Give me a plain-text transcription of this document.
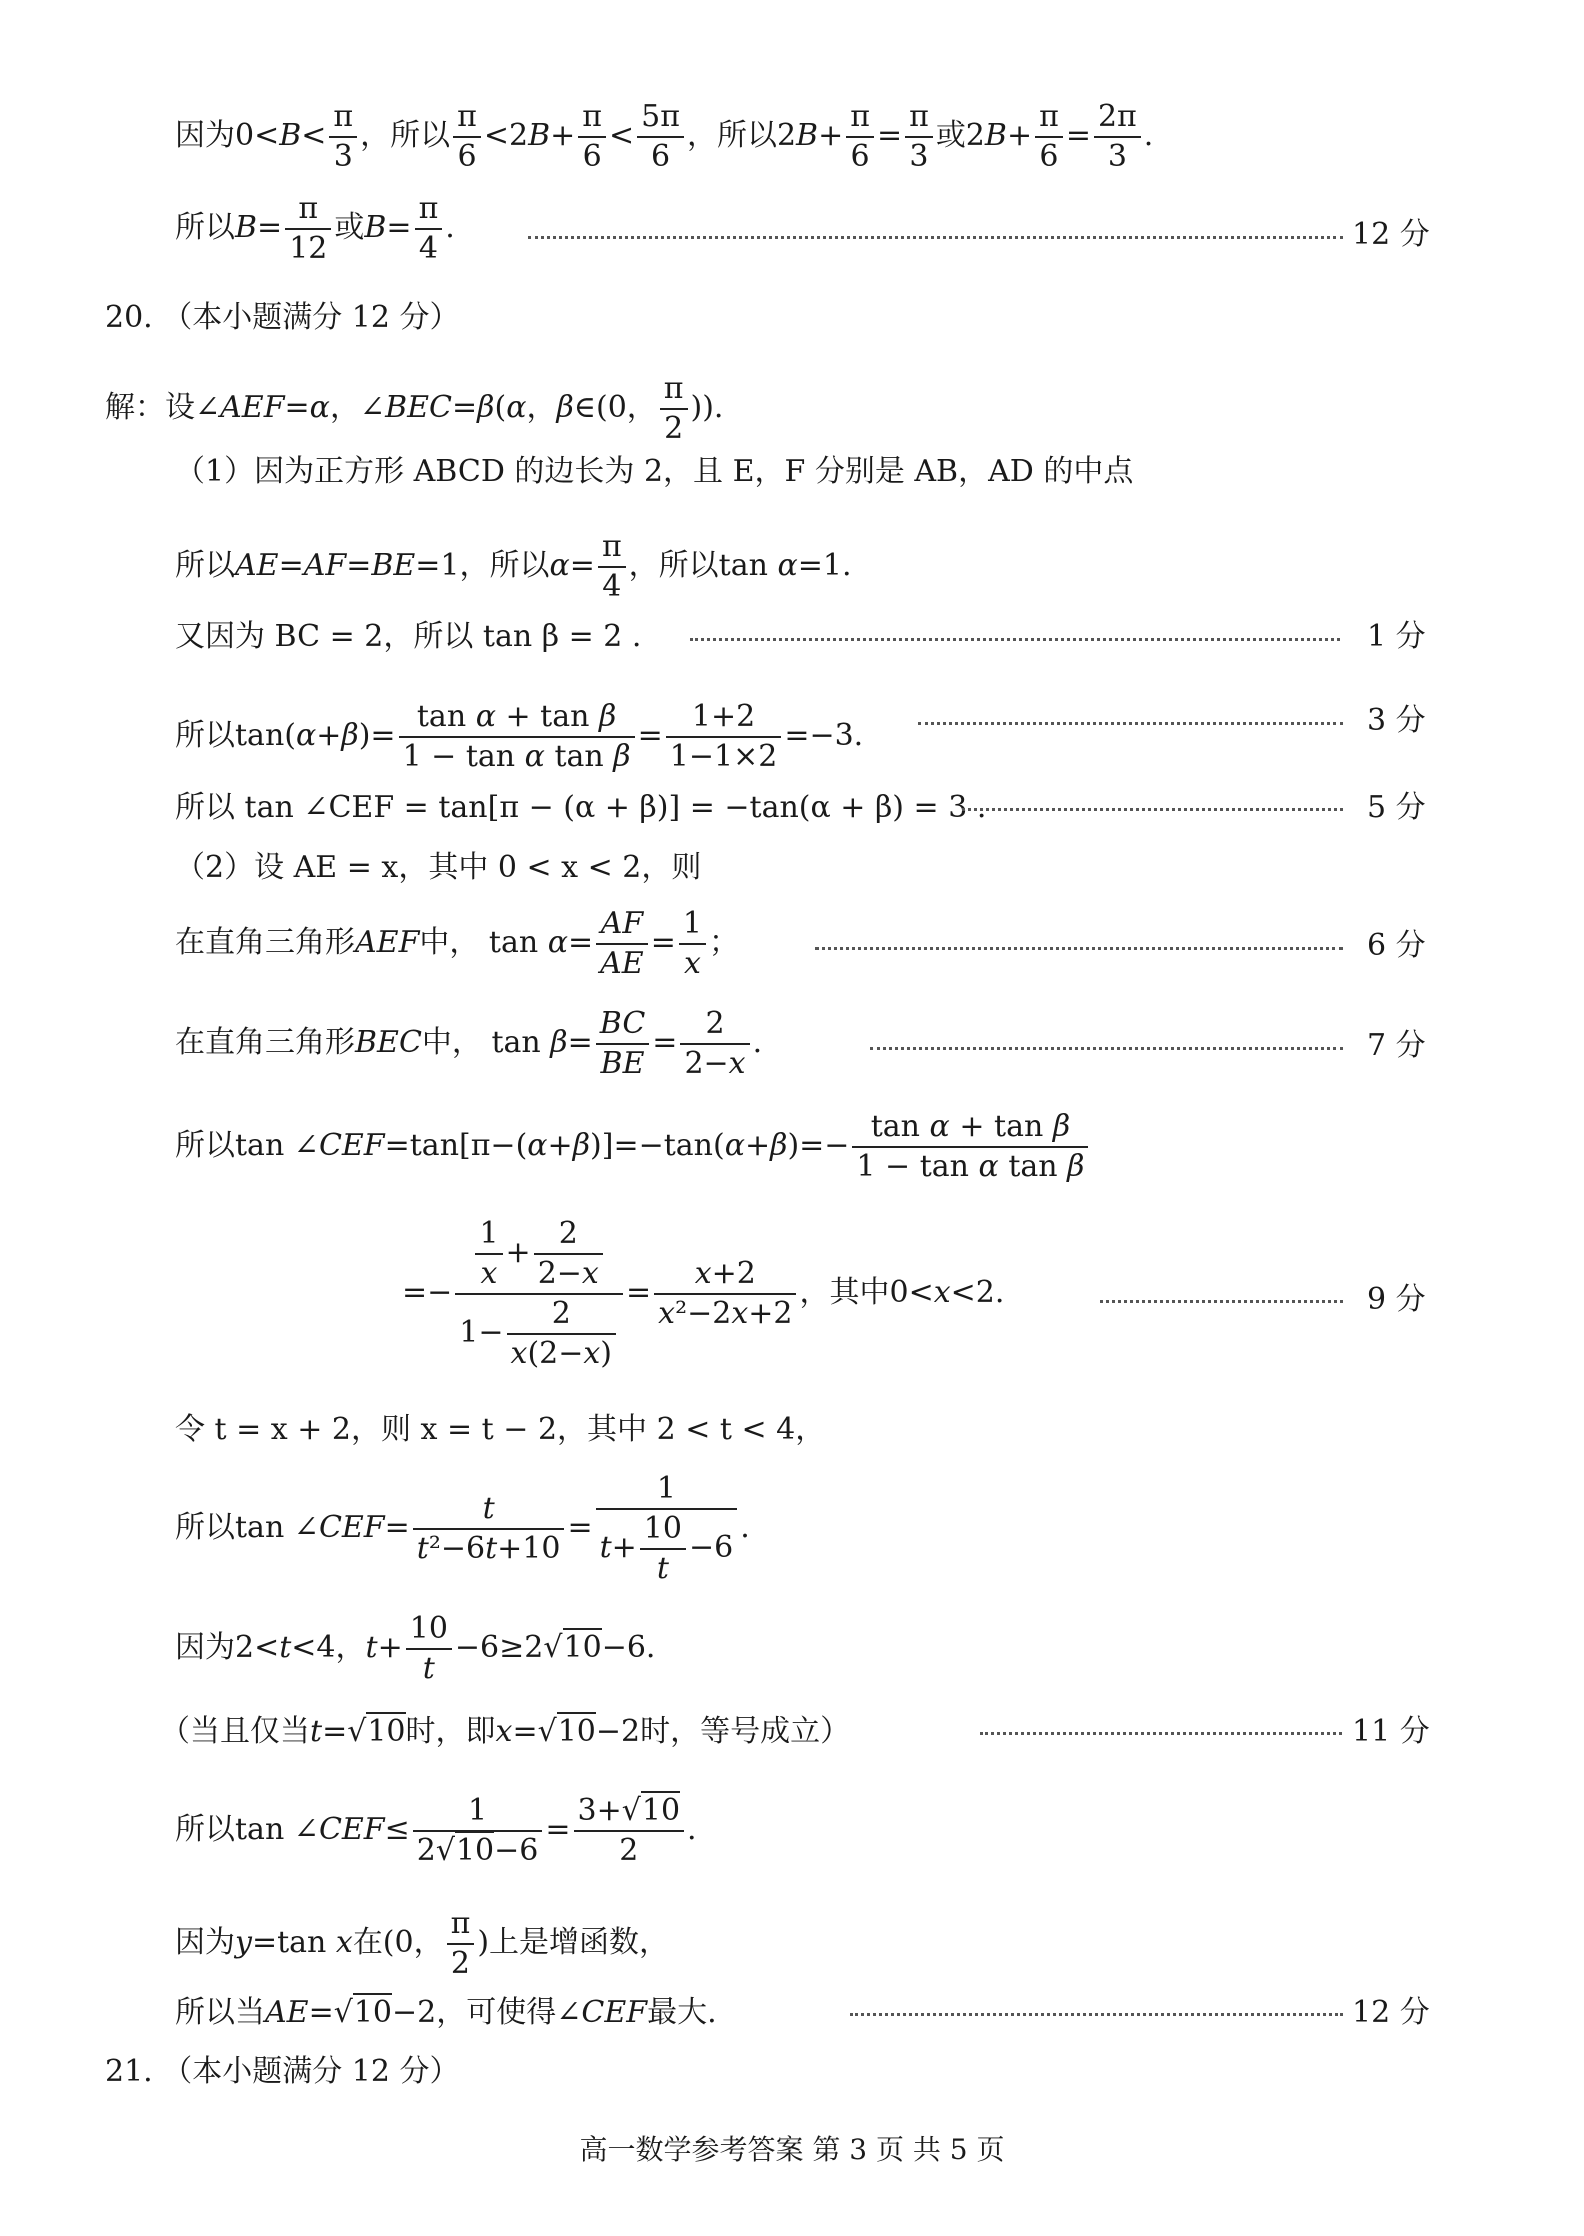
因为$0<B< \frac{\pi}{3}$ ，所以 $\frac{\pi}{6} <2B+ \frac{\pi}{6} < \frac{5\pi}{6}$ ，所以$2B+ \frac{\pi}{6} = \frac{\pi}{3}$ 或$2B+ \frac{\pi}{6} = \frac{2\pi}{3}$ .
所以$B= \frac{\pi}{12}$ 或$B= \frac{\pi}{4}$ .	12 分
20. （本小题满分 12 分）
解：设∠AEF=α，∠BEC=β(α，β∈(0， $\frac{\pi}{2}$ )).
（1）因为正方形 ABCD 的边长为 2，且 E，F 分别是 AB，AD 的中点
所以AE=AF=BE=1，所以$\alpha= \frac{\pi}{4}$ ，所以tan α=1.
又因为 BC = 2，所以 tan β = 2 .	1 分
所以$\tan(\alpha+\beta)= \frac{\text{tan α + tan β}}{\text{1 − tan α tan β}} = \frac{1+2}{1-1\times 2} =-3$.	3 分
所以 tan ∠CEF = tan[π − (α + β)] = −tan(α + β) = 3 .	5 分
（2）设 AE = x，其中 0 < x < 2，则
在直角三角形AEF中， $\tan \alpha= \frac{AF}{AE} = \frac{1}{x}$ ；	6 分
在直角三角形BEC中， $\tan \beta= \frac{BC}{BE} = \frac{2}{2-x}$ .	7 分
所以tan ∠CEF=tan[π−(α+β)]=−tan(α+β)=− $\frac{\text{tan α + tan β}}{\text{1 − tan α tan β}}$
=− $\frac{\frac{1}{x} + \frac{2}{2-x}}{1- \frac{2}{x(2-x)}} = \frac{x+2}{\text{x²−2x+2}}$ ，其中0<x<2.	9 分
令 t = x + 2，则 x = t − 2，其中 2 < t < 4，
所以tan ∠CEF= $\frac{t}{\text{t²−6t+10}} = \frac{1}{t+ \frac{10}{t} -6}$ .
因为2<t<4，$t+ \frac{10}{t} -6\ge 2√10-6$.
（当且仅当t=√10时，即x=√10−2时，等号成立）	11 分
所以tan ∠CEF≤ $\frac{1}{2√10-6} = \frac{3+√10}{2}$ .
因为y=tan x在(0， $\frac{\pi}{2}$ )上是增函数，
所以当AE=√10−2，可使得∠CEF最大.	12 分
21. （本小题满分 12 分）
高一数学参考答案 第 3 页 共 5 页
